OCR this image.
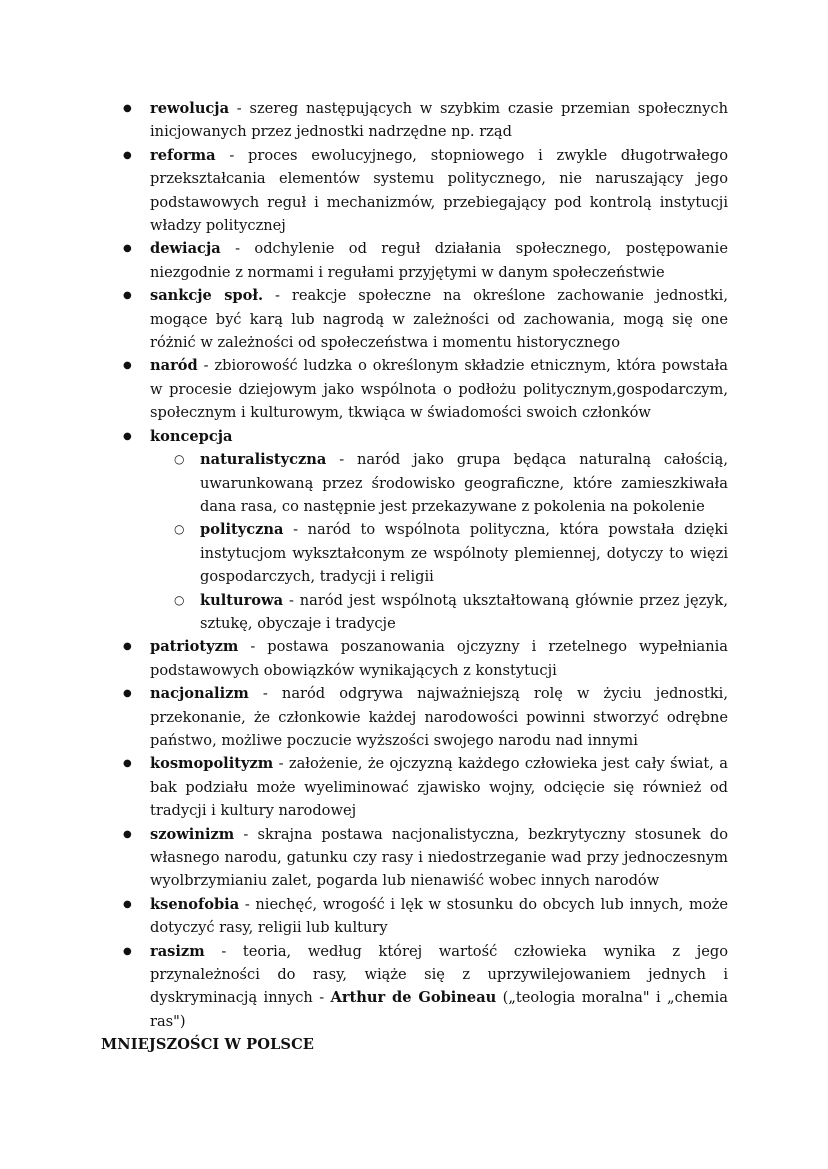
● rewolucja - szereg następujących w szybkim czasie przemian społecznych inicjowanych przez jednostki nadrzędne np. rząd
● reforma - proces ewolucyjnego, stopniowego i zwykle długotrwałego przekształcania elementów systemu politycznego, nie naruszający jego podstawowych reguł i mechanizmów, przebiegający pod kontrolą instytucji władzy politycznej
● dewiacja - odchylenie od reguł działania społecznego, postępowanie niezgodnie z normami i regułami przyjętymi w danym społeczeństwie
● sankcje społ. - reakcje społeczne na określone zachowanie jednostki, mogące być karą lub nagrodą w zależności od zachowania, mogą się one różnić w zależności od społeczeństwa i momentu historycznego
● naród - zbiorowość ludzka o określonym składzie etnicznym, która powstała w procesie dziejowym jako wspólnota o podłożu politycznym,gospodarczym, społecznym i kulturowym, tkwiąca w świadomości swoich członków
● koncepcja
○ naturalistyczna - naród jako grupa będąca naturalną całością, uwarunkowaną przez środowisko geograficzne, które zamieszkiwała dana rasa, co następnie jest przekazywane z pokolenia na pokolenie
○ polityczna - naród to wspólnota polityczna, która powstała dzięki instytucjom wykształconym ze wspólnoty plemiennej, dotyczy to więzi gospodarczych, tradycji i religii
○ kulturowa - naród jest wspólnotą ukształtowaną głównie przez język, sztukę, obyczaje i tradycje
● patriotyzm - postawa poszanowania ojczyzny i rzetelnego wypełniania podstawowych obowiązków wynikających z konstytucji
● nacjonalizm - naród odgrywa najważniejszą rolę w życiu jednostki, przekonanie, że członkowie każdej narodowości powinni stworzyć odrębne państwo, możliwe poczucie wyższości swojego narodu nad innymi
● kosmopolityzm - założenie, że ojczyzną każdego człowieka jest cały świat, a bak podziału może wyeliminować zjawisko wojny, odcięcie się również od tradycji i kultury narodowej
● szowinizm - skrajna postawa nacjonalistyczna, bezkrytyczny stosunek do własnego narodu, gatunku czy rasy i niedostrzeganie wad przy jednoczesnym wyolbrzymianiu zalet, pogarda lub nienawiść wobec innych narodów
● ksenofobia - niechęć, wrogość i lęk w stosunku do obcych lub innych, może dotyczyć rasy, religii lub kultury
● rasizm - teoria, według której wartość człowieka wynika z jego przynależności do rasy, wiąże się z uprzywilejowaniem jednych i dyskryminacją innych - Arthur de Gobineau („teologia moralna" i „chemia ras")
MNIEJSZOŚCI W POLSCE
